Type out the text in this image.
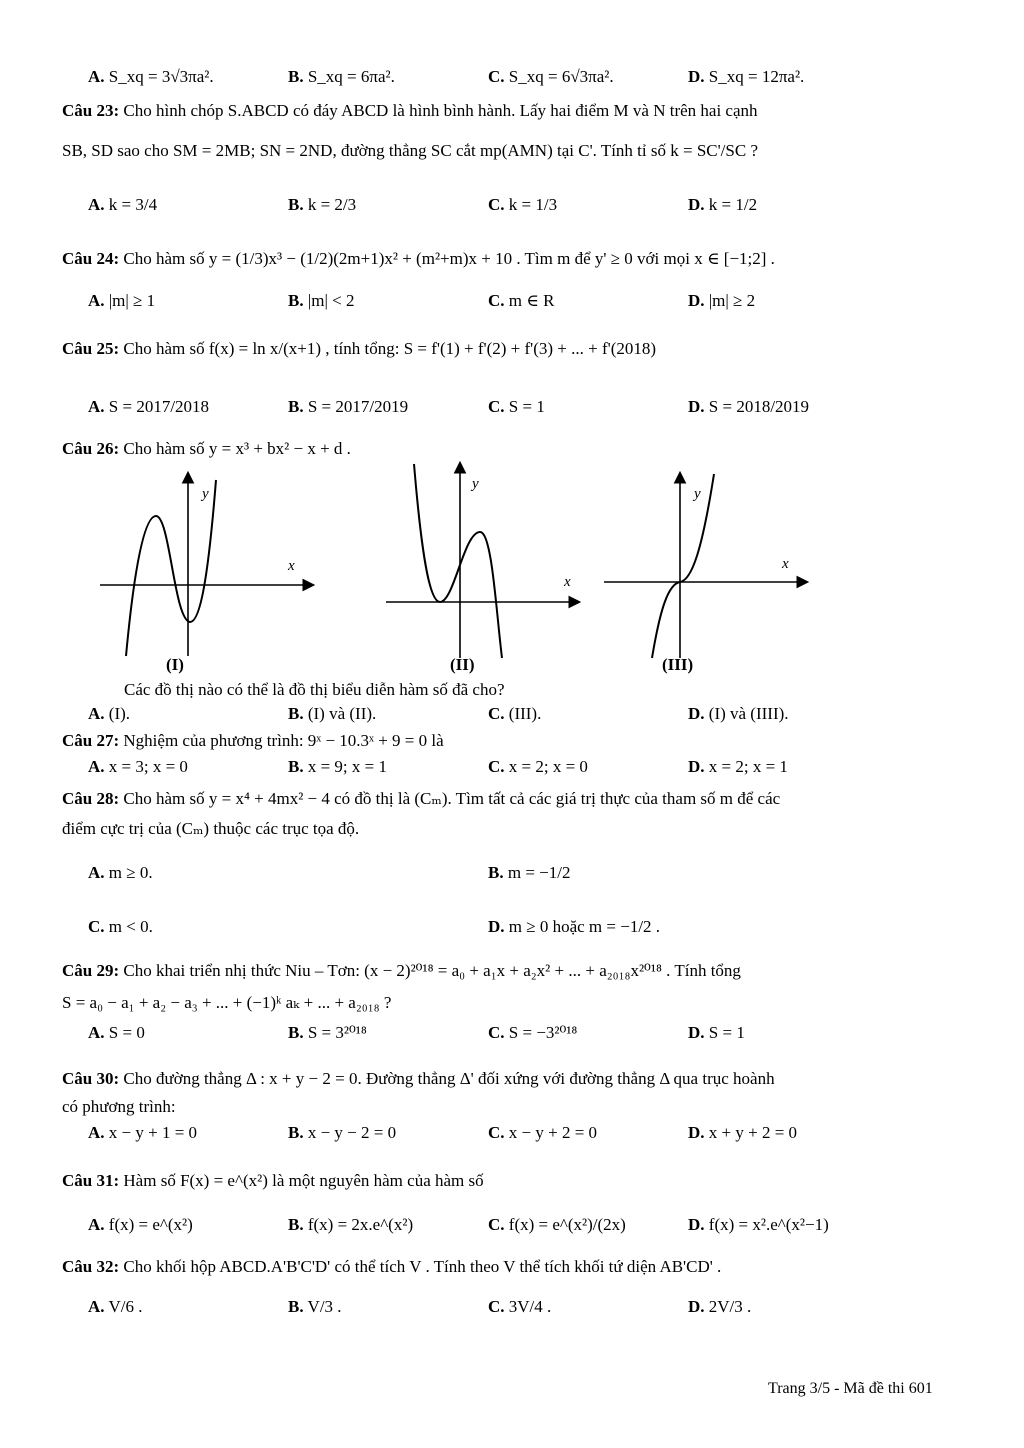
A. S_xq = 3√3πa².	B. S_xq = 6πa².	C. S_xq = 6√3πa².	D. S_xq = 12πa².
Câu 23: Cho hình chóp S.ABCD có đáy ABCD là hình bình hành. Lấy hai điểm M và N trên hai cạnh
SB, SD sao cho SM = 2MB; SN = 2ND, đường thẳng SC cắt mp(AMN) tại C'. Tính tỉ số k = SC'/SC ?
A. k = 3/4	B. k = 2/3	C. k = 1/3	D. k = 1/2
Câu 24: Cho hàm số y = (1/3)x³ − (1/2)(2m+1)x² + (m²+m)x + 10 . Tìm m để y' ≥ 0 với mọi x ∈ [−1;2] .
A. |m| ≥ 1	B. |m| < 2	C. m ∈ R	D. |m| ≥ 2
Câu 25: Cho hàm số f(x) = ln x/(x+1) , tính tổng: S = f'(1) + f'(2) + f'(3) + ... + f'(2018)
A. S = 2017/2018	B. S = 2017/2019	C. S = 1	D. S = 2018/2019
Câu 26: Cho hàm số y = x³ + bx² − x + d .
y
x
(I)
y
x
(II)
y
x
(III)
Các đồ thị nào có thể là đồ thị biểu diễn hàm số đã cho?
A. (I).	B. (I) và (II).	C. (III).	D. (I) và (IIII).
Câu 27: Nghiệm của phương trình: 9ˣ − 10.3ˣ + 9 = 0 là
A. x = 3; x = 0	B. x = 9; x = 1	C. x = 2; x = 0	D. x = 2; x = 1
Câu 28: Cho hàm số y = x⁴ + 4mx² − 4 có đồ thị là (Cₘ). Tìm tất cả các giá trị thực của tham số m để các
điểm cực trị của (Cₘ) thuộc các trục tọa độ.
A. m ≥ 0.	B. m = −1/2
C. m < 0.	D. m ≥ 0 hoặc m = −1/2 .
Câu 29: Cho khai triển nhị thức Niu – Tơn: (x − 2)²⁰¹⁸ = a₀ + a₁x + a₂x² + ... + a₂₀₁₈x²⁰¹⁸ . Tính tổng
S = a₀ − a₁ + a₂ − a₃ + ... + (−1)ᵏ aₖ + ... + a₂₀₁₈ ?
A. S = 0	B. S = 3²⁰¹⁸	C. S = −3²⁰¹⁸	D. S = 1
Câu 30: Cho đường thẳng Δ : x + y − 2 = 0. Đường thẳng Δ' đối xứng với đường thẳng Δ qua trục hoành
có phương trình:
A. x − y + 1 = 0	B. x − y − 2 = 0	C. x − y + 2 = 0	D. x + y + 2 = 0
Câu 31: Hàm số F(x) = e^(x²) là một nguyên hàm của hàm số
A. f(x) = e^(x²)	B. f(x) = 2x.e^(x²)	C. f(x) = e^(x²)/(2x)	D. f(x) = x².e^(x²−1)
Câu 32: Cho khối hộp ABCD.A'B'C'D' có thể tích V . Tính theo V thể tích khối tứ diện AB'CD' .
A. V/6 .	B. V/3 .	C. 3V/4 .	D. 2V/3 .
Trang 3/5 - Mã đề thi 601
